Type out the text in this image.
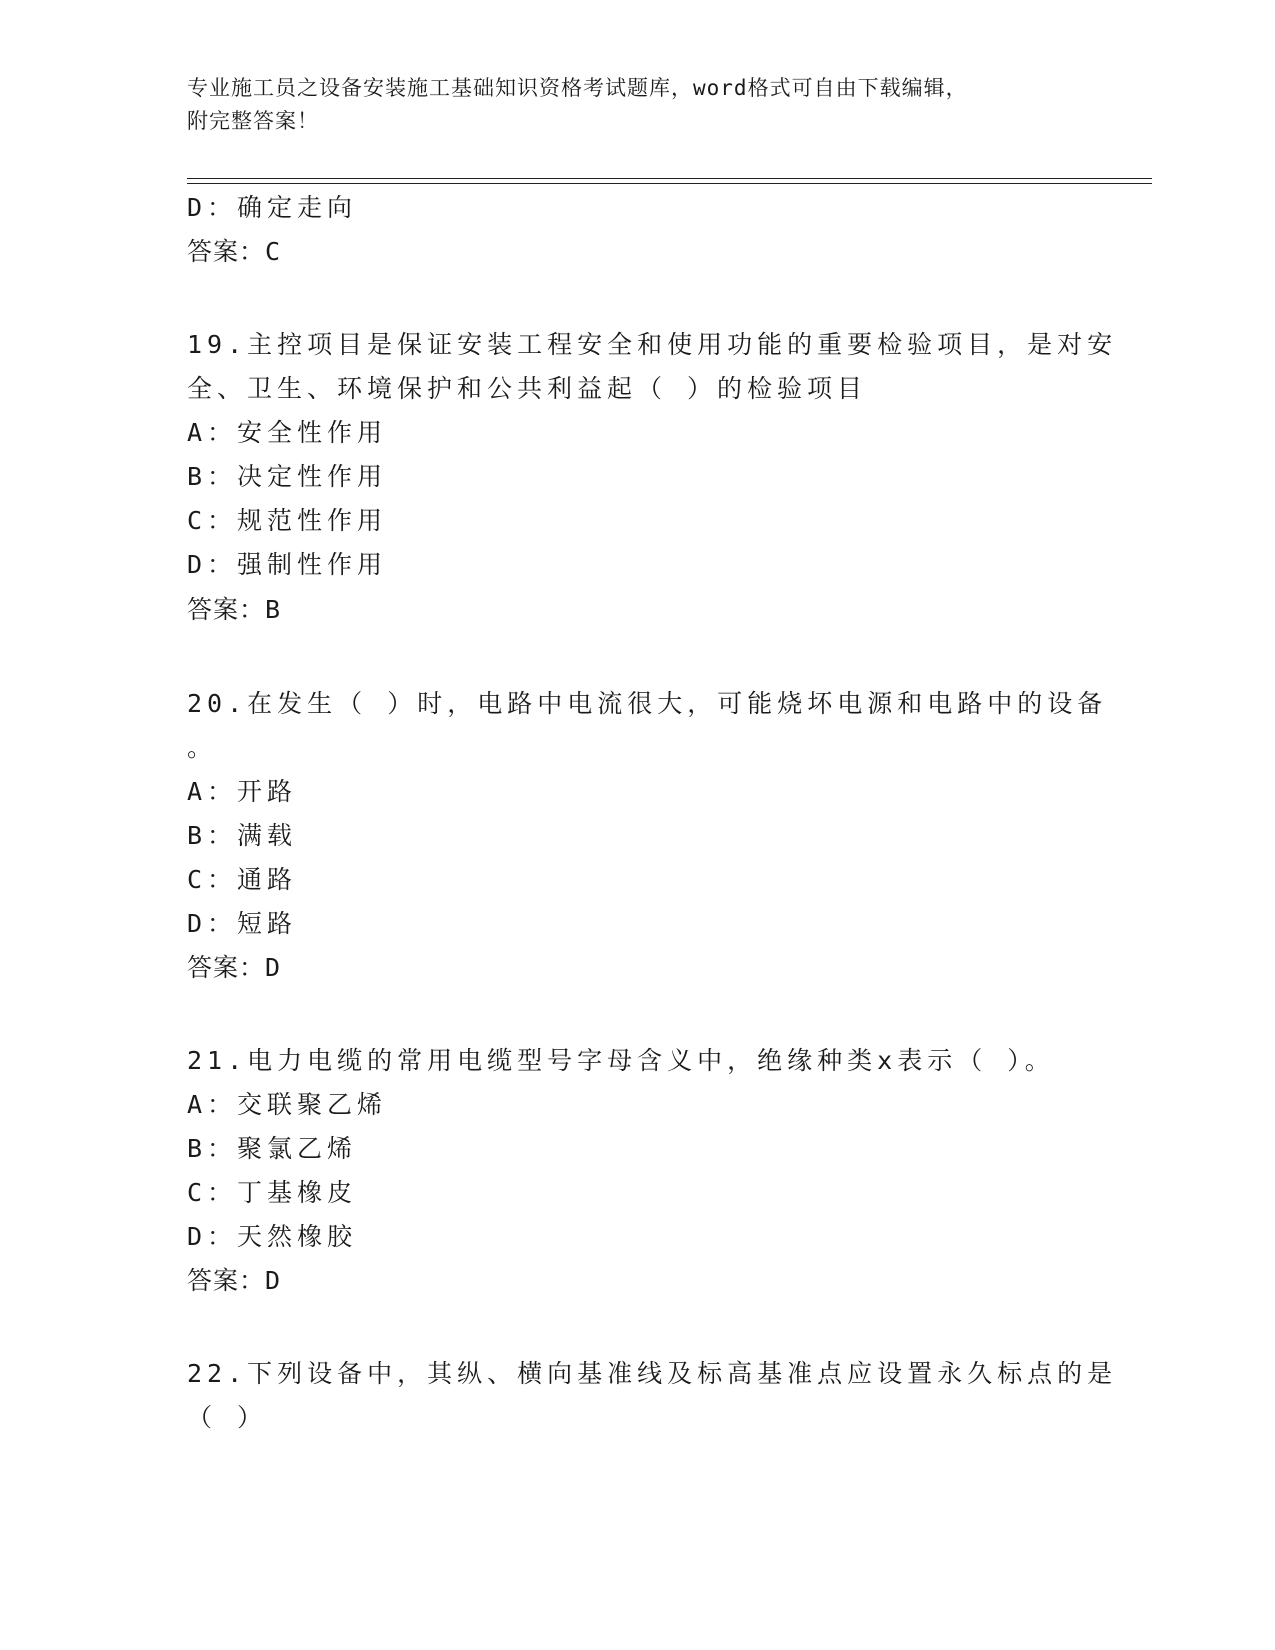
专业施工员之设备安装施工基础知识资格考试题库，word格式可自由下载编辑，
附完整答案！
D：确定走向
答案：C
19.主控项目是保证安装工程安全和使用功能的重要检验项目，是对安
全、卫生、环境保护和公共利益起（ ）的检验项目
A：安全性作用
B：决定性作用
C：规范性作用
D：强制性作用
答案：B
20.在发生（ ）时，电路中电流很大，可能烧坏电源和电路中的设备
。
A：开路
B：满载
C：通路
D：短路
答案：D
21.电力电缆的常用电缆型号字母含义中，绝缘种类x表示（ ）。
A：交联聚乙烯
B：聚氯乙烯
C：丁基橡皮
D：天然橡胶
答案：D
22.下列设备中，其纵、横向基准线及标高基准点应设置永久标点的是
（ ）
